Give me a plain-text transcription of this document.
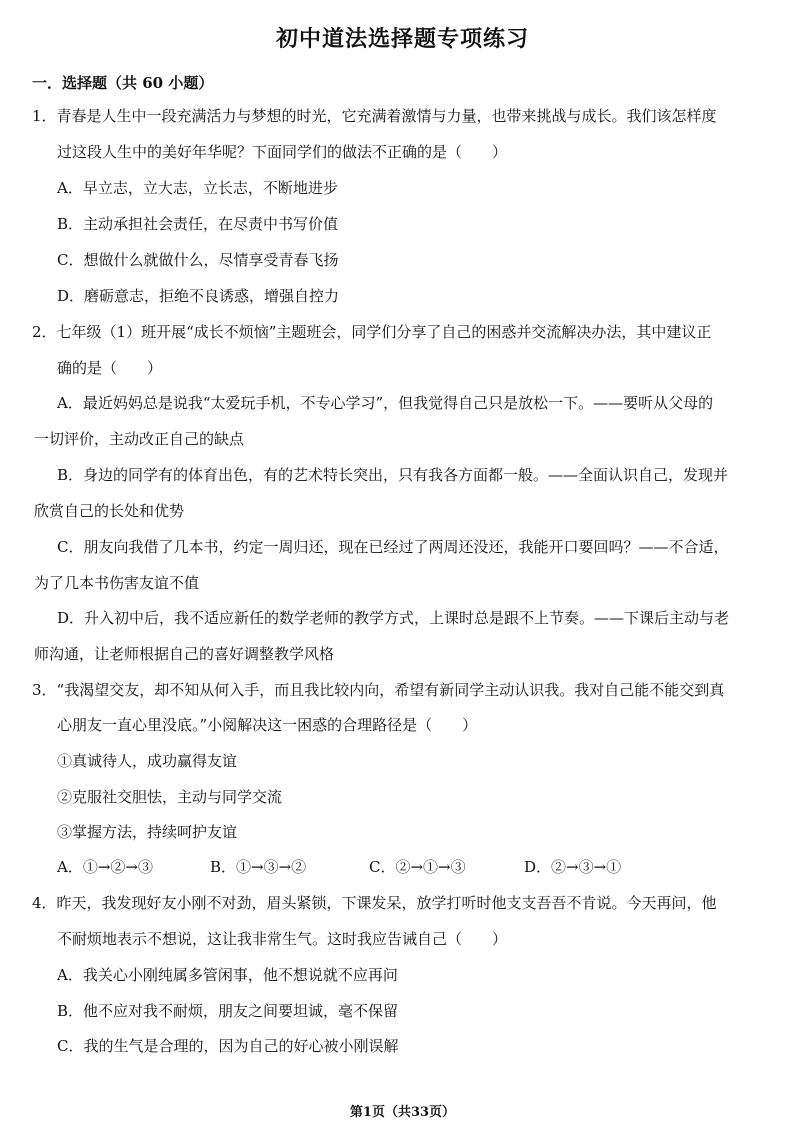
初中道法选择题专项练习
一．选择题（共 60 小题）
1．青春是人生中一段充满活力与梦想的时光，它充满着激情与力量，也带来挑战与成长。我们该怎样度
过这段人生中的美好年华呢？下面同学们的做法不正确的是（　　）
A．早立志，立大志，立长志，不断地进步
B．主动承担社会责任，在尽责中书写价值
C．想做什么就做什么，尽情享受青春飞扬
D．磨砺意志，拒绝不良诱惑，增强自控力
2．七年级（1）班开展“成长不烦恼”主题班会，同学们分享了自己的困惑并交流解决办法，其中建议正
确的是（　　）
A．最近妈妈总是说我“太爱玩手机，不专心学习”，但我觉得自己只是放松一下。——要听从父母的
一切评价，主动改正自己的缺点
B．身边的同学有的体育出色，有的艺术特长突出，只有我各方面都一般。——全面认识自己，发现并
欣赏自己的长处和优势
C．朋友向我借了几本书，约定一周归还，现在已经过了两周还没还，我能开口要回吗？——不合适，
为了几本书伤害友谊不值
D．升入初中后，我不适应新任的数学老师的教学方式，上课时总是跟不上节奏。——下课后主动与老
师沟通，让老师根据自己的喜好调整教学风格
3．“我渴望交友，却不知从何入手，而且我比较内向，希望有新同学主动认识我。我对自己能不能交到真
心朋友一直心里没底。”小阅解决这一困惑的合理路径是（　　）
①真诚待人，成功赢得友谊
②克服社交胆怯，主动与同学交流
③掌握方法，持续呵护友谊
A．①→②→③	B．①→③→②	C．②→①→③	D．②→③→①
4．昨天，我发现好友小刚不对劲，眉头紧锁，下课发呆，放学打听时他支支吾吾不肯说。今天再问，他
不耐烦地表示不想说，这让我非常生气。这时我应告诫自己（　　）
A．我关心小刚纯属多管闲事，他不想说就不应再问
B．他不应对我不耐烦，朋友之间要坦诚，毫不保留
C．我的生气是合理的，因为自己的好心被小刚误解
第1页（共33页）
